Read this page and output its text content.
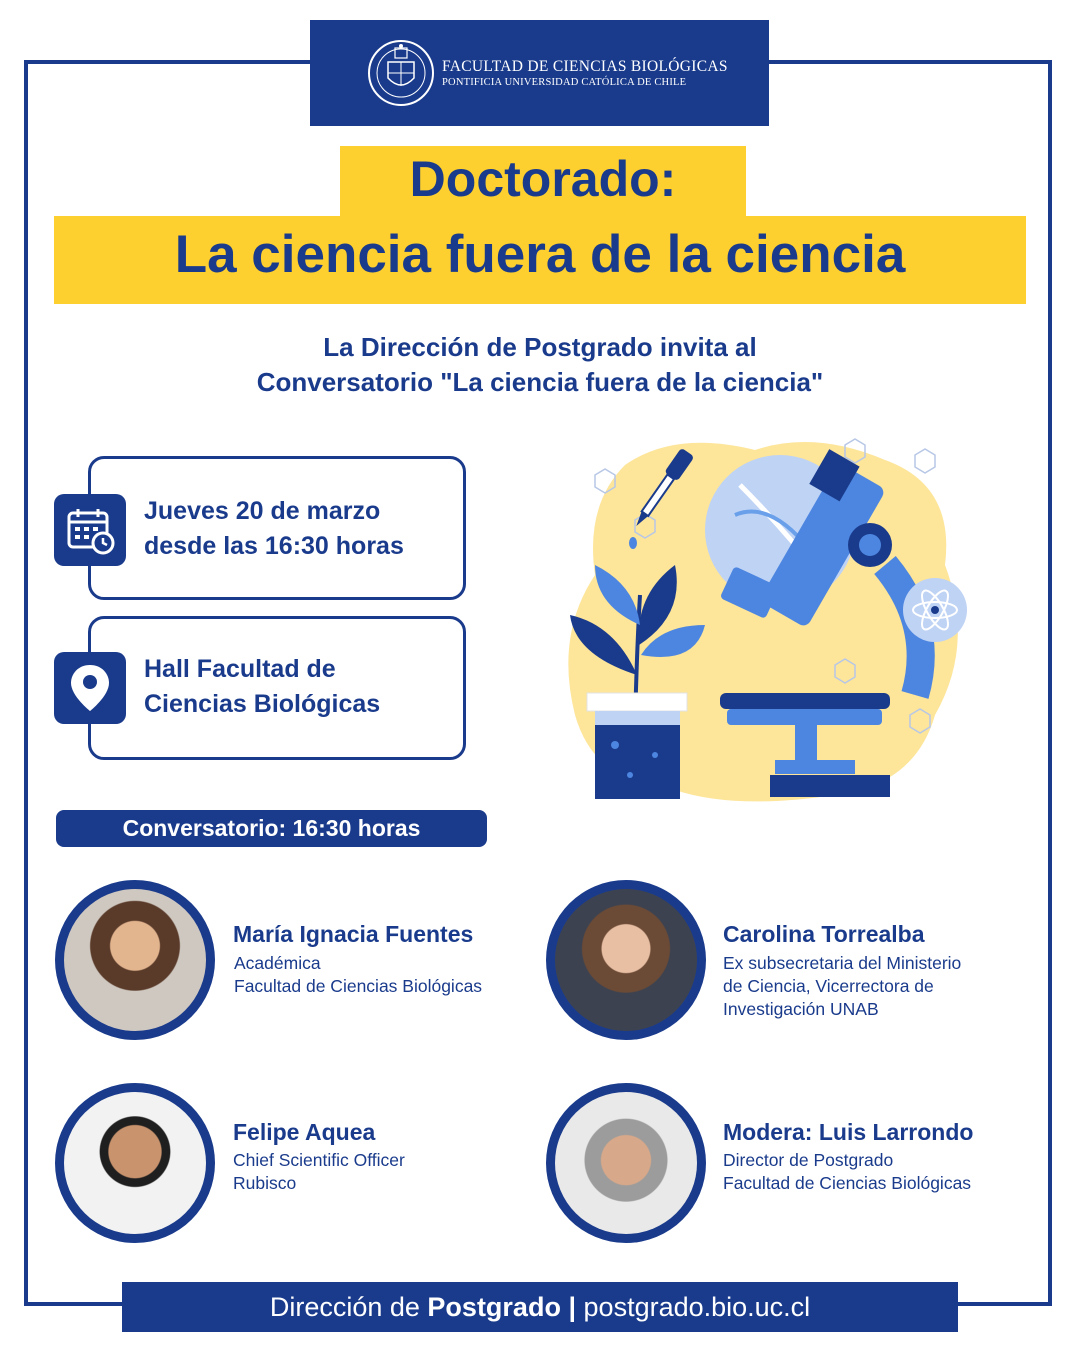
FACULTAD DE CIENCIAS BIOLÓGICAS
PONTIFICIA UNIVERSIDAD CATÓLICA DE CHILE
Doctorado:
La ciencia fuera de la ciencia
La Dirección de Postgrado invita al
Conversatorio "La ciencia fuera de la ciencia"
Jueves 20 de marzo
desde las 16:30 horas
Hall Facultad de
Ciencias Biológicas
Conversatorio: 16:30 horas
María Ignacia Fuentes
Académica
Facultad de Ciencias Biológicas
Carolina Torrealba
Ex subsecretaria del Ministerio
de Ciencia, Vicerrectora de
Investigación UNAB
Felipe Aquea
Chief Scientific Officer
Rubisco
Modera: Luis Larrondo
Director de Postgrado
Facultad de Ciencias Biológicas
Dirección de
Postgrado
|
postgrado.bio.uc.cl
